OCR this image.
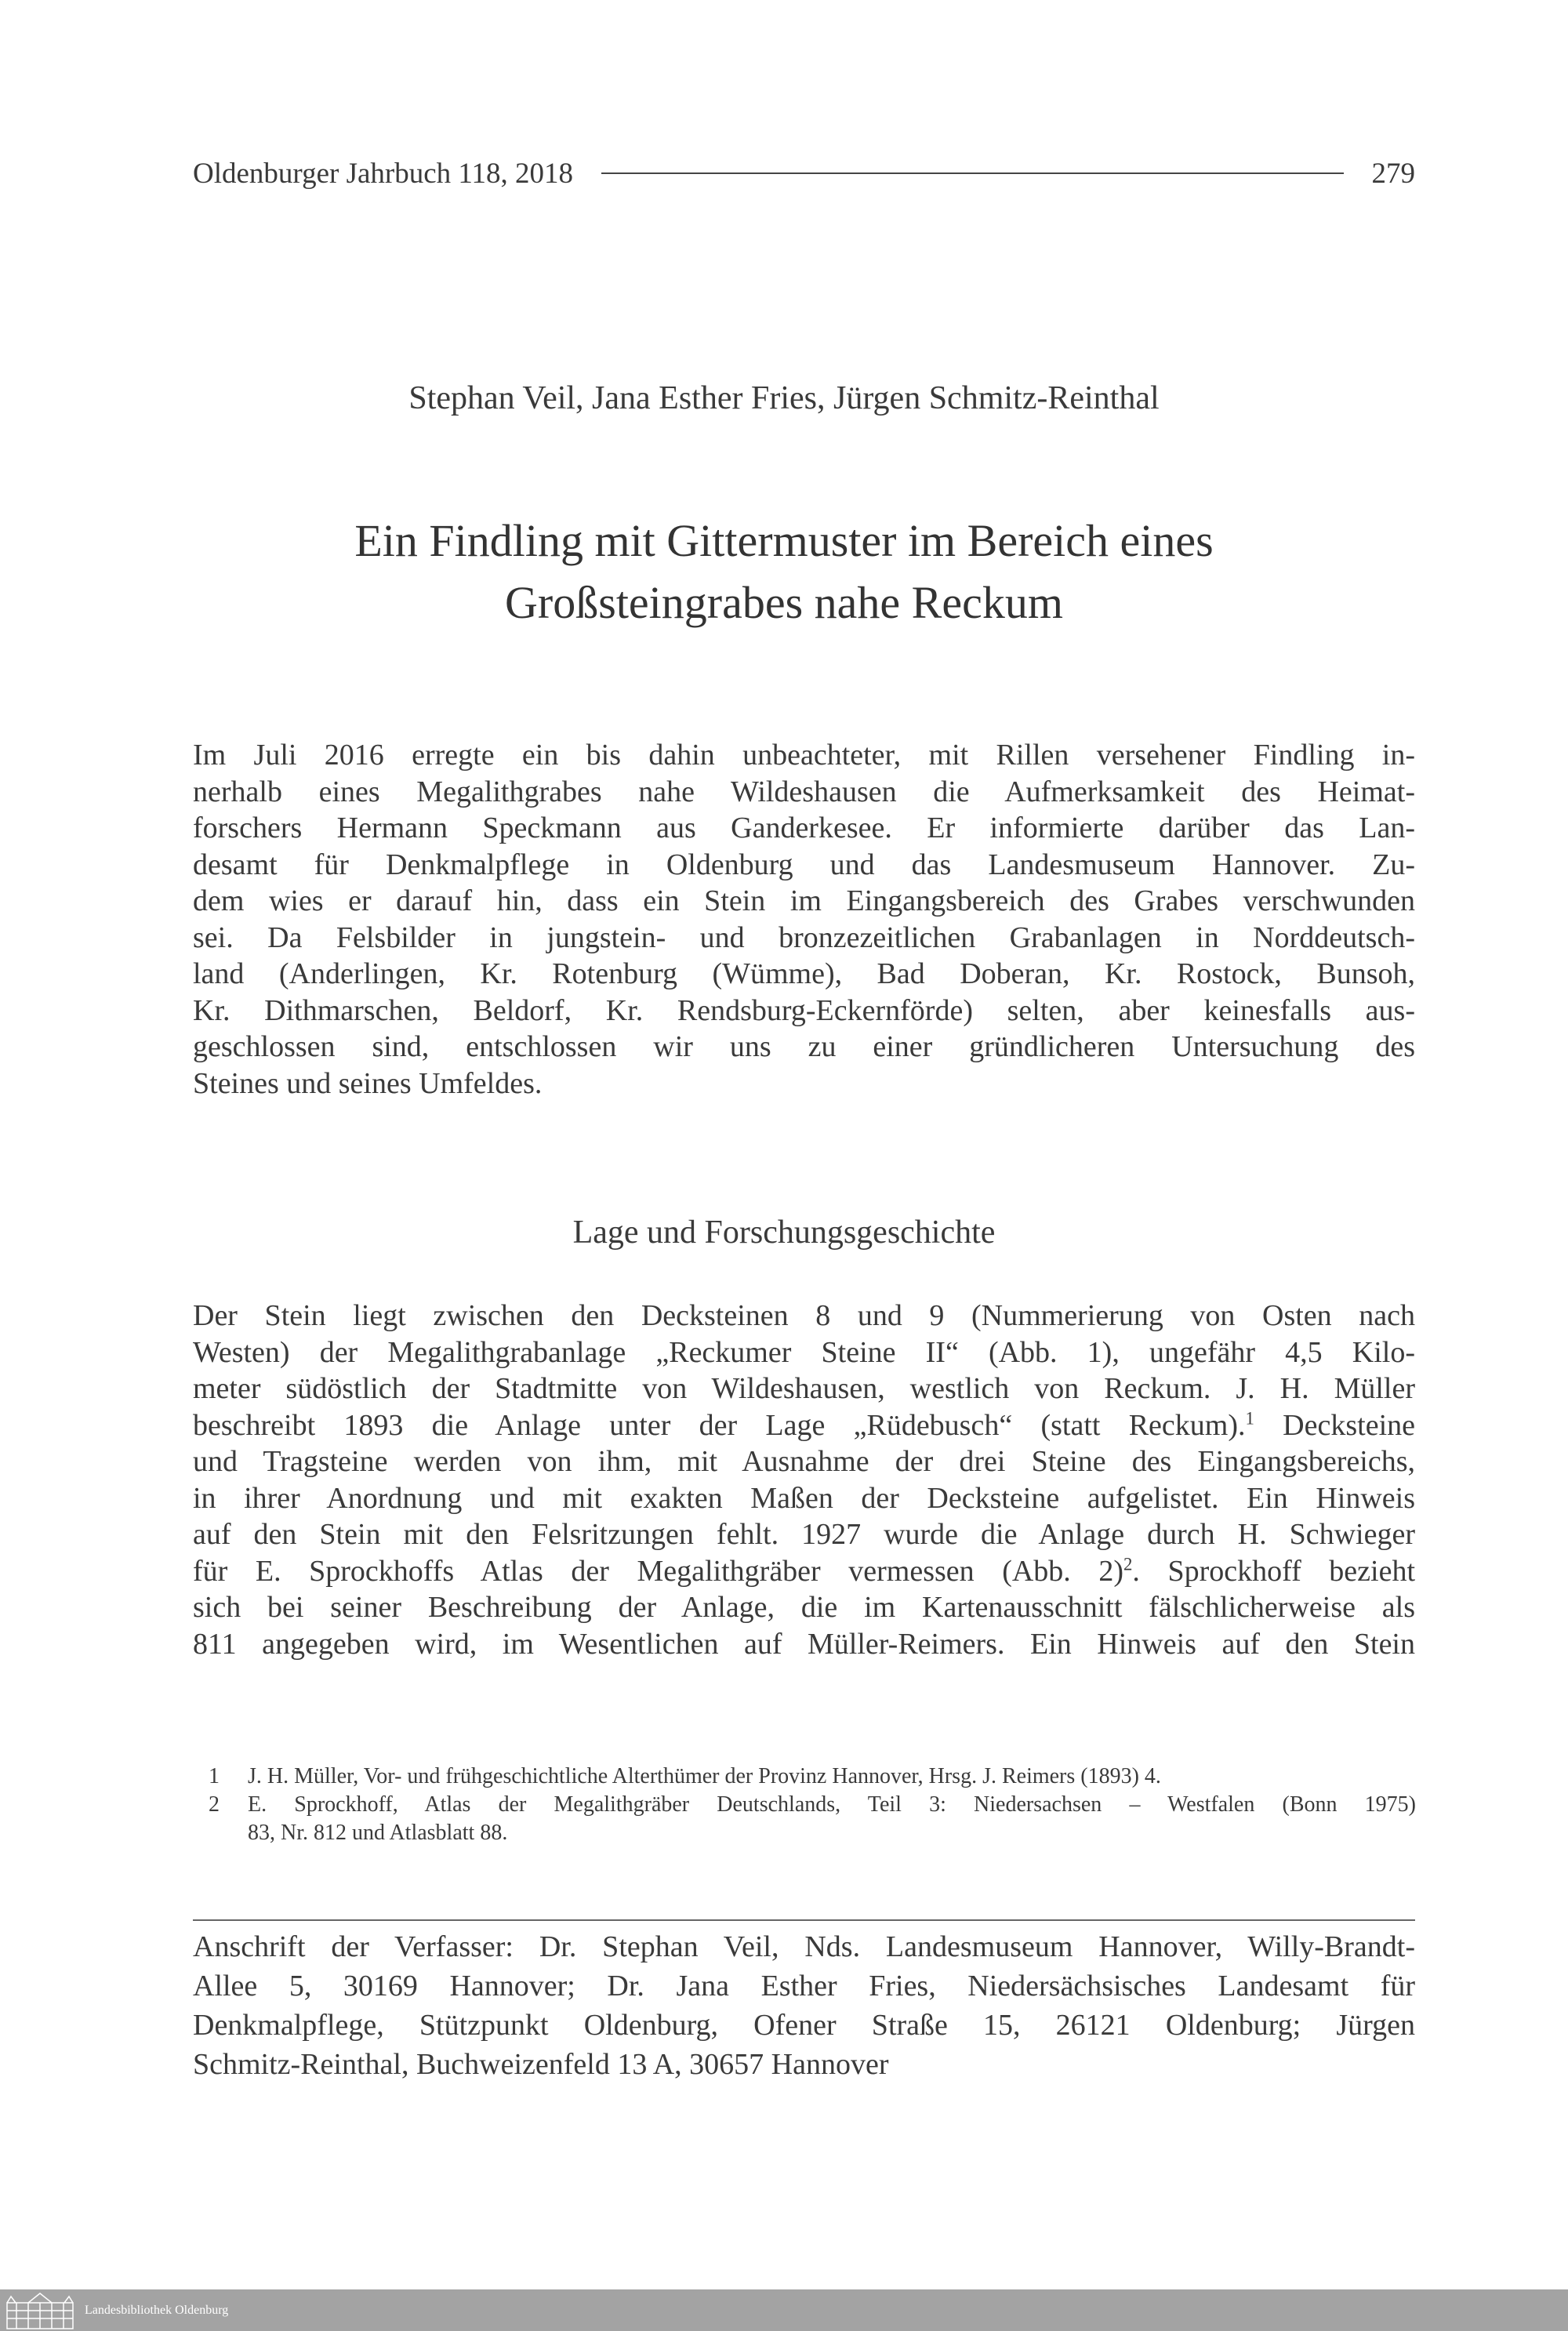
Oldenburger Jahrbuch 118, 2018	279
Stephan Veil, Jana Esther Fries, Jürgen Schmitz-Reinthal
Ein Findling mit Gittermuster im Bereich eines
Großsteingrabes nahe Reckum
Im Juli 2016 erregte ein bis dahin unbeachteter, mit Rillen versehener Findling in-
nerhalb eines Megalithgrabes nahe Wildeshausen die Aufmerksamkeit des Heimat-
forschers Hermann Speckmann aus Ganderkesee. Er informierte darüber das Lan-
desamt für Denkmalpflege in Oldenburg und das Landesmuseum Hannover. Zu-
dem wies er darauf hin, dass ein Stein im Eingangsbereich des Grabes verschwunden
sei. Da Felsbilder in jungstein- und bronzezeitlichen Grabanlagen in Norddeutsch-
land (Anderlingen, Kr. Rotenburg (Wümme), Bad Doberan, Kr. Rostock, Bunsoh,
Kr. Dithmarschen, Beldorf, Kr. Rendsburg-Eckernförde) selten, aber keinesfalls aus-
geschlossen sind, entschlossen wir uns zu einer gründlicheren Untersuchung des
Steines und seines Umfeldes.
Lage und Forschungsgeschichte
Der Stein liegt zwischen den Decksteinen 8 und 9 (Nummerierung von Osten nach
Westen) der Megalithgrabanlage „Reckumer Steine II“ (Abb. 1), ungefähr 4,5 Kilo-
meter südöstlich der Stadtmitte von Wildeshausen, westlich von Reckum. J. H. Müller
beschreibt 1893 die Anlage unter der Lage „Rüdebusch“ (statt Reckum).$^1$ Decksteine
und Tragsteine werden von ihm, mit Ausnahme der drei Steine des Eingangsbereichs,
in ihrer Anordnung und mit exakten Maßen der Decksteine aufgelistet. Ein Hinweis
auf den Stein mit den Felsritzungen fehlt. 1927 wurde die Anlage durch H. Schwieger
für E. Sprockhoffs Atlas der Megalithgräber vermessen (Abb. 2)$^2$. Sprockhoff bezieht
sich bei seiner Beschreibung der Anlage, die im Kartenausschnitt fälschlicherweise als
811 angegeben wird, im Wesentlichen auf Müller-Reimers. Ein Hinweis auf den Stein
1	J. H. Müller, Vor- und frühgeschichtliche Alterthümer der Provinz Hannover, Hrsg. J. Reimers (1893) 4.
2	E. Sprockhoff, Atlas der Megalithgräber Deutschlands, Teil 3: Niedersachsen – Westfalen (Bonn 1975)
83, Nr. 812 und Atlasblatt 88.
Anschrift der Verfasser: Dr. Stephan Veil, Nds. Landesmuseum Hannover, Willy-Brandt-
Allee 5, 30169 Hannover; Dr. Jana Esther Fries, Niedersächsisches Landesamt für
Denkmalpflege, Stützpunkt Oldenburg, Ofener Straße 15, 26121 Oldenburg; Jürgen
Schmitz-Reinthal, Buchweizenfeld 13 A, 30657 Hannover
Landesbibliothek Oldenburg
